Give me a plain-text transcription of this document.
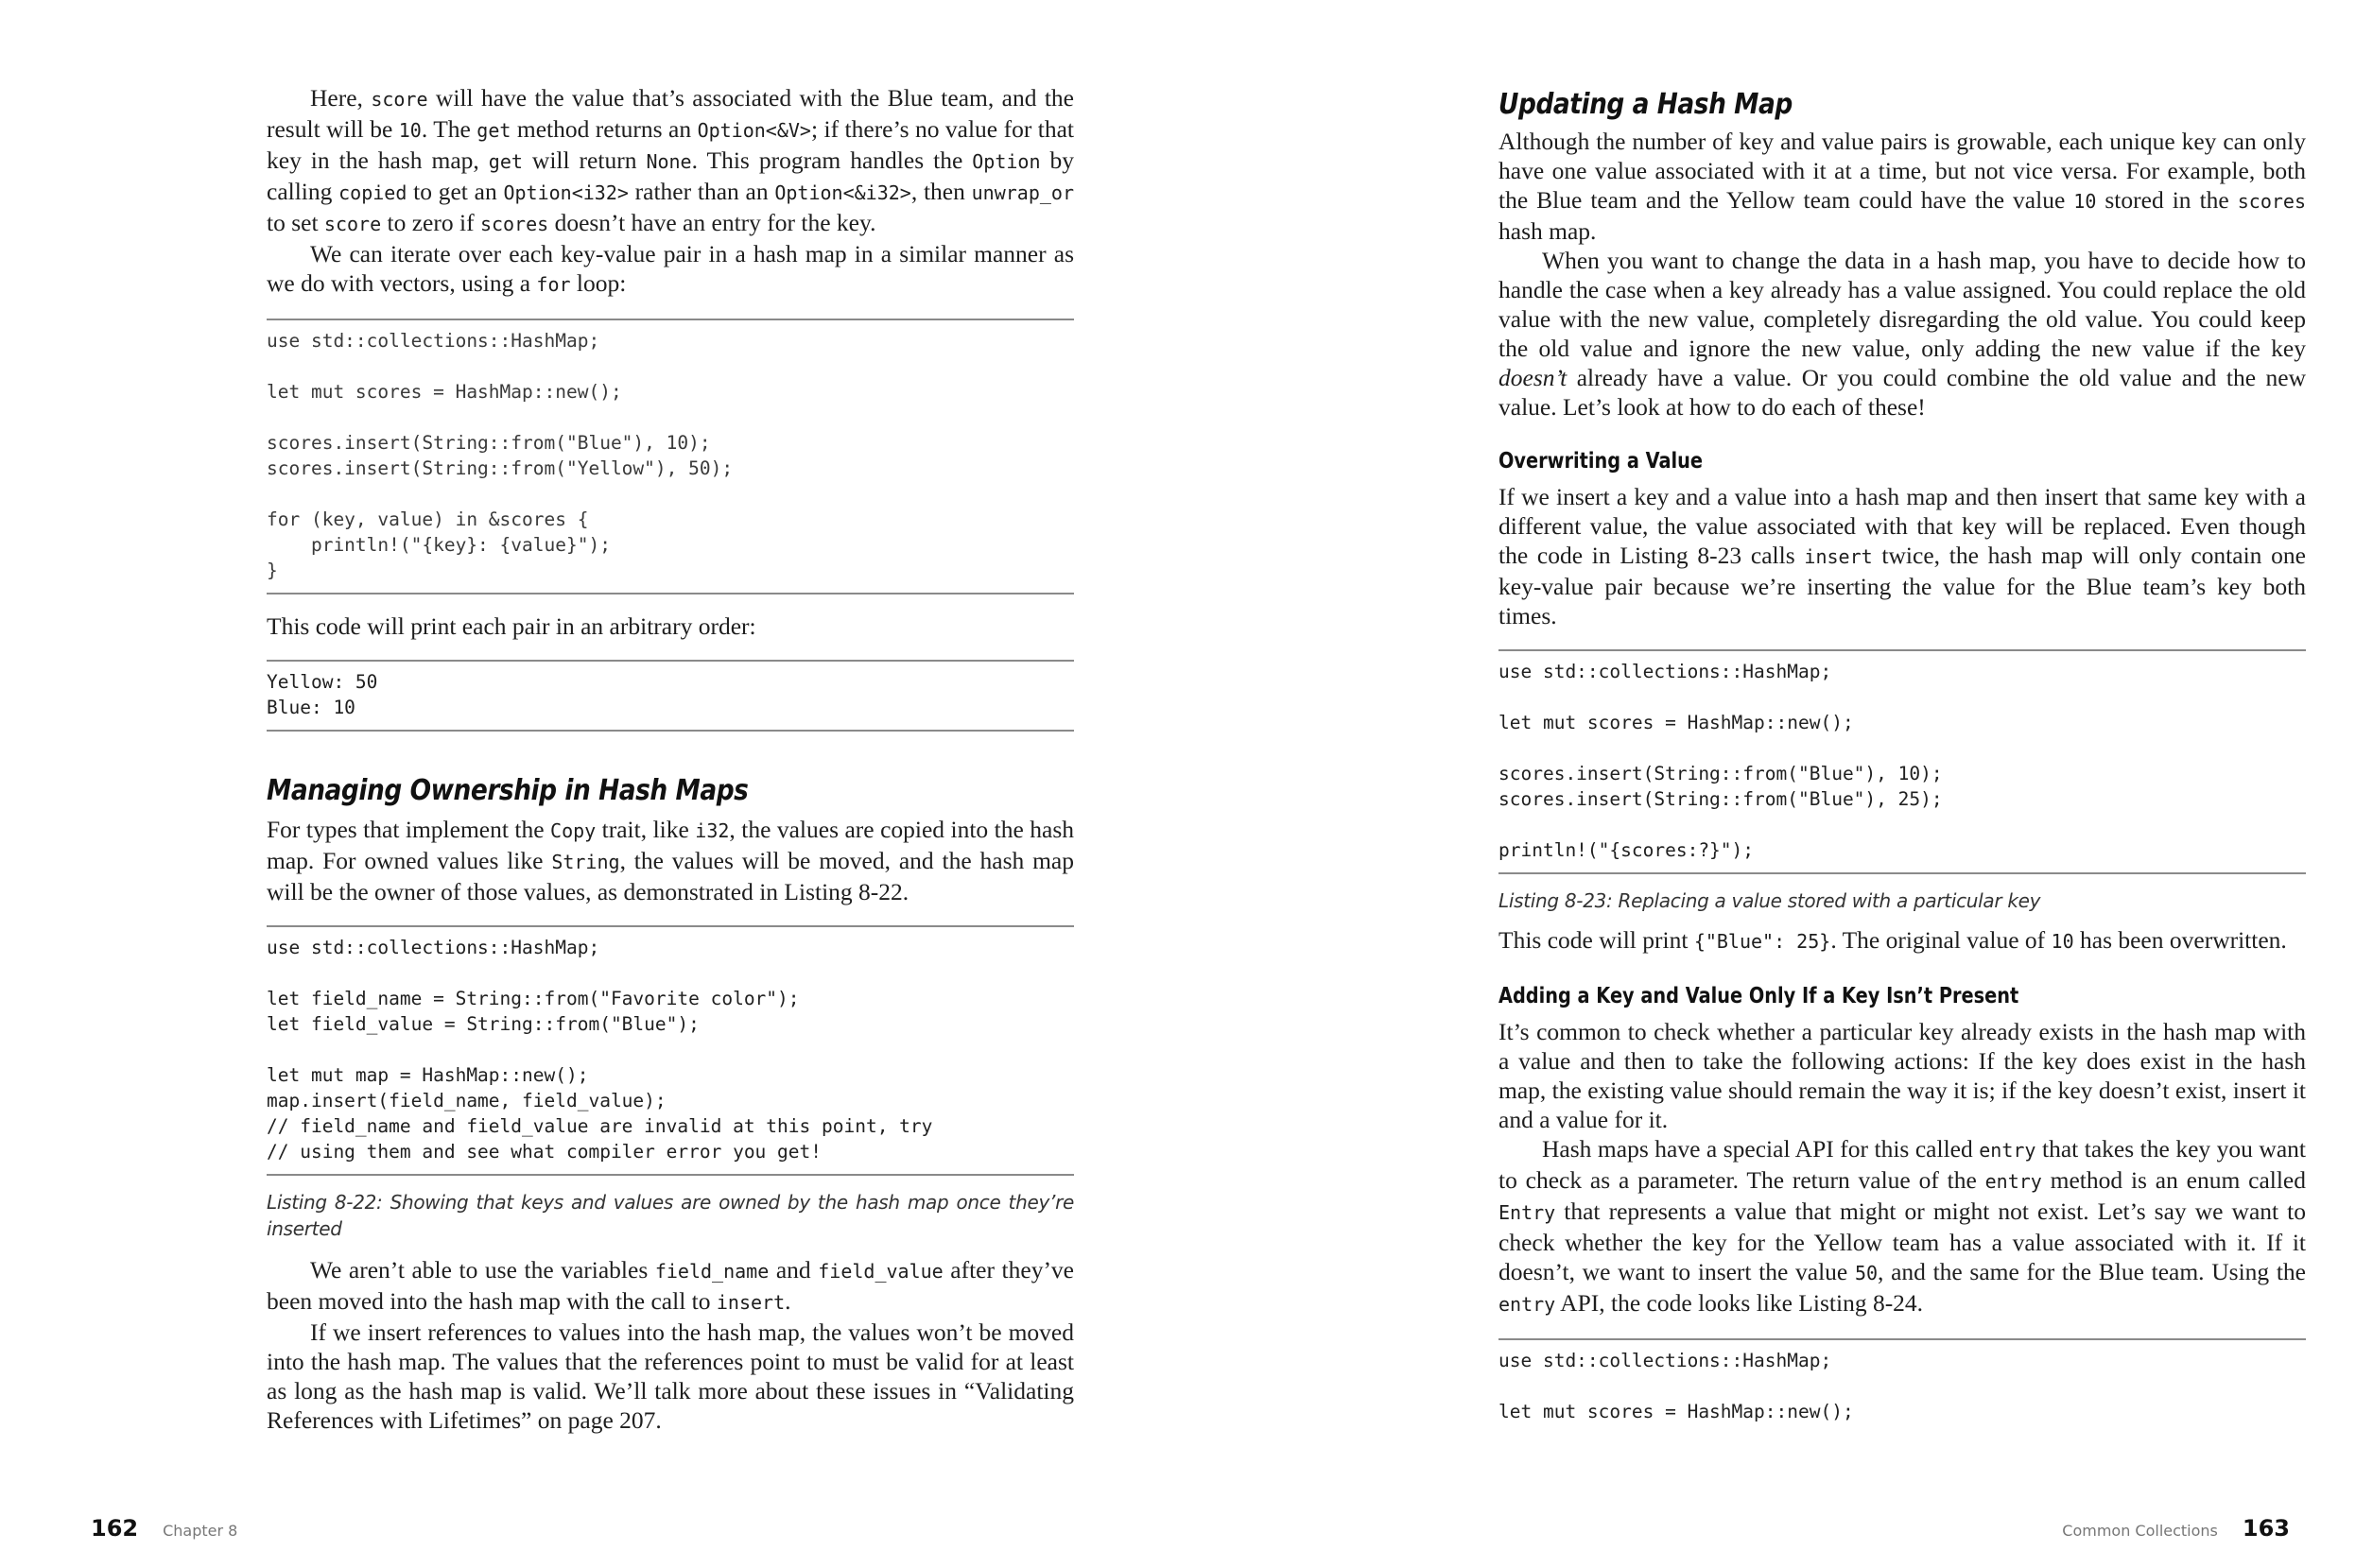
Here, score will have the value that’s associated with the Blue team, and the result will be 10. The get method returns an Option<&V>; if there’s no value for that key in the hash map, get will return None. This program handles the Option by calling copied to get an Option<i32> rather than an Option<&i32>, then unwrap_or to set score to zero if scores doesn’t have an entry for the key.

We can iterate over each key-value pair in a hash map in a similar manner as we do with vectors, using a for loop:

use std::collections::HashMap;

let mut scores = HashMap::new();

scores.insert(String::from("Blue"), 10);
scores.insert(String::from("Yellow"), 50);

for (key, value) in &scores {
println!("{key}: {value}");
}

This code will print each pair in an arbitrary order:

Yellow: 50
Blue: 10
Managing Ownership in Hash Maps

For types that implement the Copy trait, like i32, the values are copied into the hash map. For owned values like String, the values will be moved, and the hash map will be the owner of those values, as demonstrated in Listing 8-22.

use std::collections::HashMap;

let field_name = String::from("Favorite color");
let field_value = String::from("Blue");

let mut map = HashMap::new();
map.insert(field_name, field_value);
// field_name and field_value are invalid at this point, try
// using them and see what compiler error you get!

Listing 8-22: Showing that keys and values are owned by the hash map once they’re inserted

We aren’t able to use the variables field_name and field_value after they’ve been moved into the hash map with the call to insert.

If we insert references to values into the hash map, the values won’t be moved into the hash map. The values that the references point to must be valid for at least as long as the hash map is valid. We’ll talk more about these issues in “Validating References with Lifetimes” on page 207.

162 Chapter 8
Updating a Hash Map

Although the number of key and value pairs is growable, each unique key can only have one value associated with it at a time, but not vice versa. For example, both the Blue team and the Yellow team could have the value 10 stored in the scores hash map.

When you want to change the data in a hash map, you have to decide how to handle the case when a key already has a value assigned. You could replace the old value with the new value, completely disregarding the old value. You could keep the old value and ignore the new value, only adding the new value if the key doesn’t already have a value. Or you could combine the old value and the new value. Let’s look at how to do each of these!

Overwriting a Value

If we insert a key and a value into a hash map and then insert that same key with a different value, the value associated with that key will be replaced. Even though the code in Listing 8-23 calls insert twice, the hash map will only contain one key-value pair because we’re inserting the value for the Blue team’s key both times.

use std::collections::HashMap;

let mut scores = HashMap::new();

scores.insert(String::from("Blue"), 10);
scores.insert(String::from("Blue"), 25);

println!("{scores:?}");

Listing 8-23: Replacing a value stored with a particular key

This code will print {"Blue": 25}. The original value of 10 has been overwritten.

Adding a Key and Value Only If a Key Isn’t Present

It’s common to check whether a particular key already exists in the hash map with a value and then to take the following actions: If the key does exist in the hash map, the existing value should remain the way it is; if the key doesn’t exist, insert it and a value for it.

Hash maps have a special API for this called entry that takes the key you want to check as a parameter. The return value of the entry method is an enum called Entry that represents a value that might or might not exist. Let’s say we want to check whether the key for the Yellow team has a value associated with it. If it doesn’t, we want to insert the value 50, and the same for the Blue team. Using the entry API, the code looks like Listing 8-24.

use std::collections::HashMap;

let mut scores = HashMap::new();
Common Collections 163
